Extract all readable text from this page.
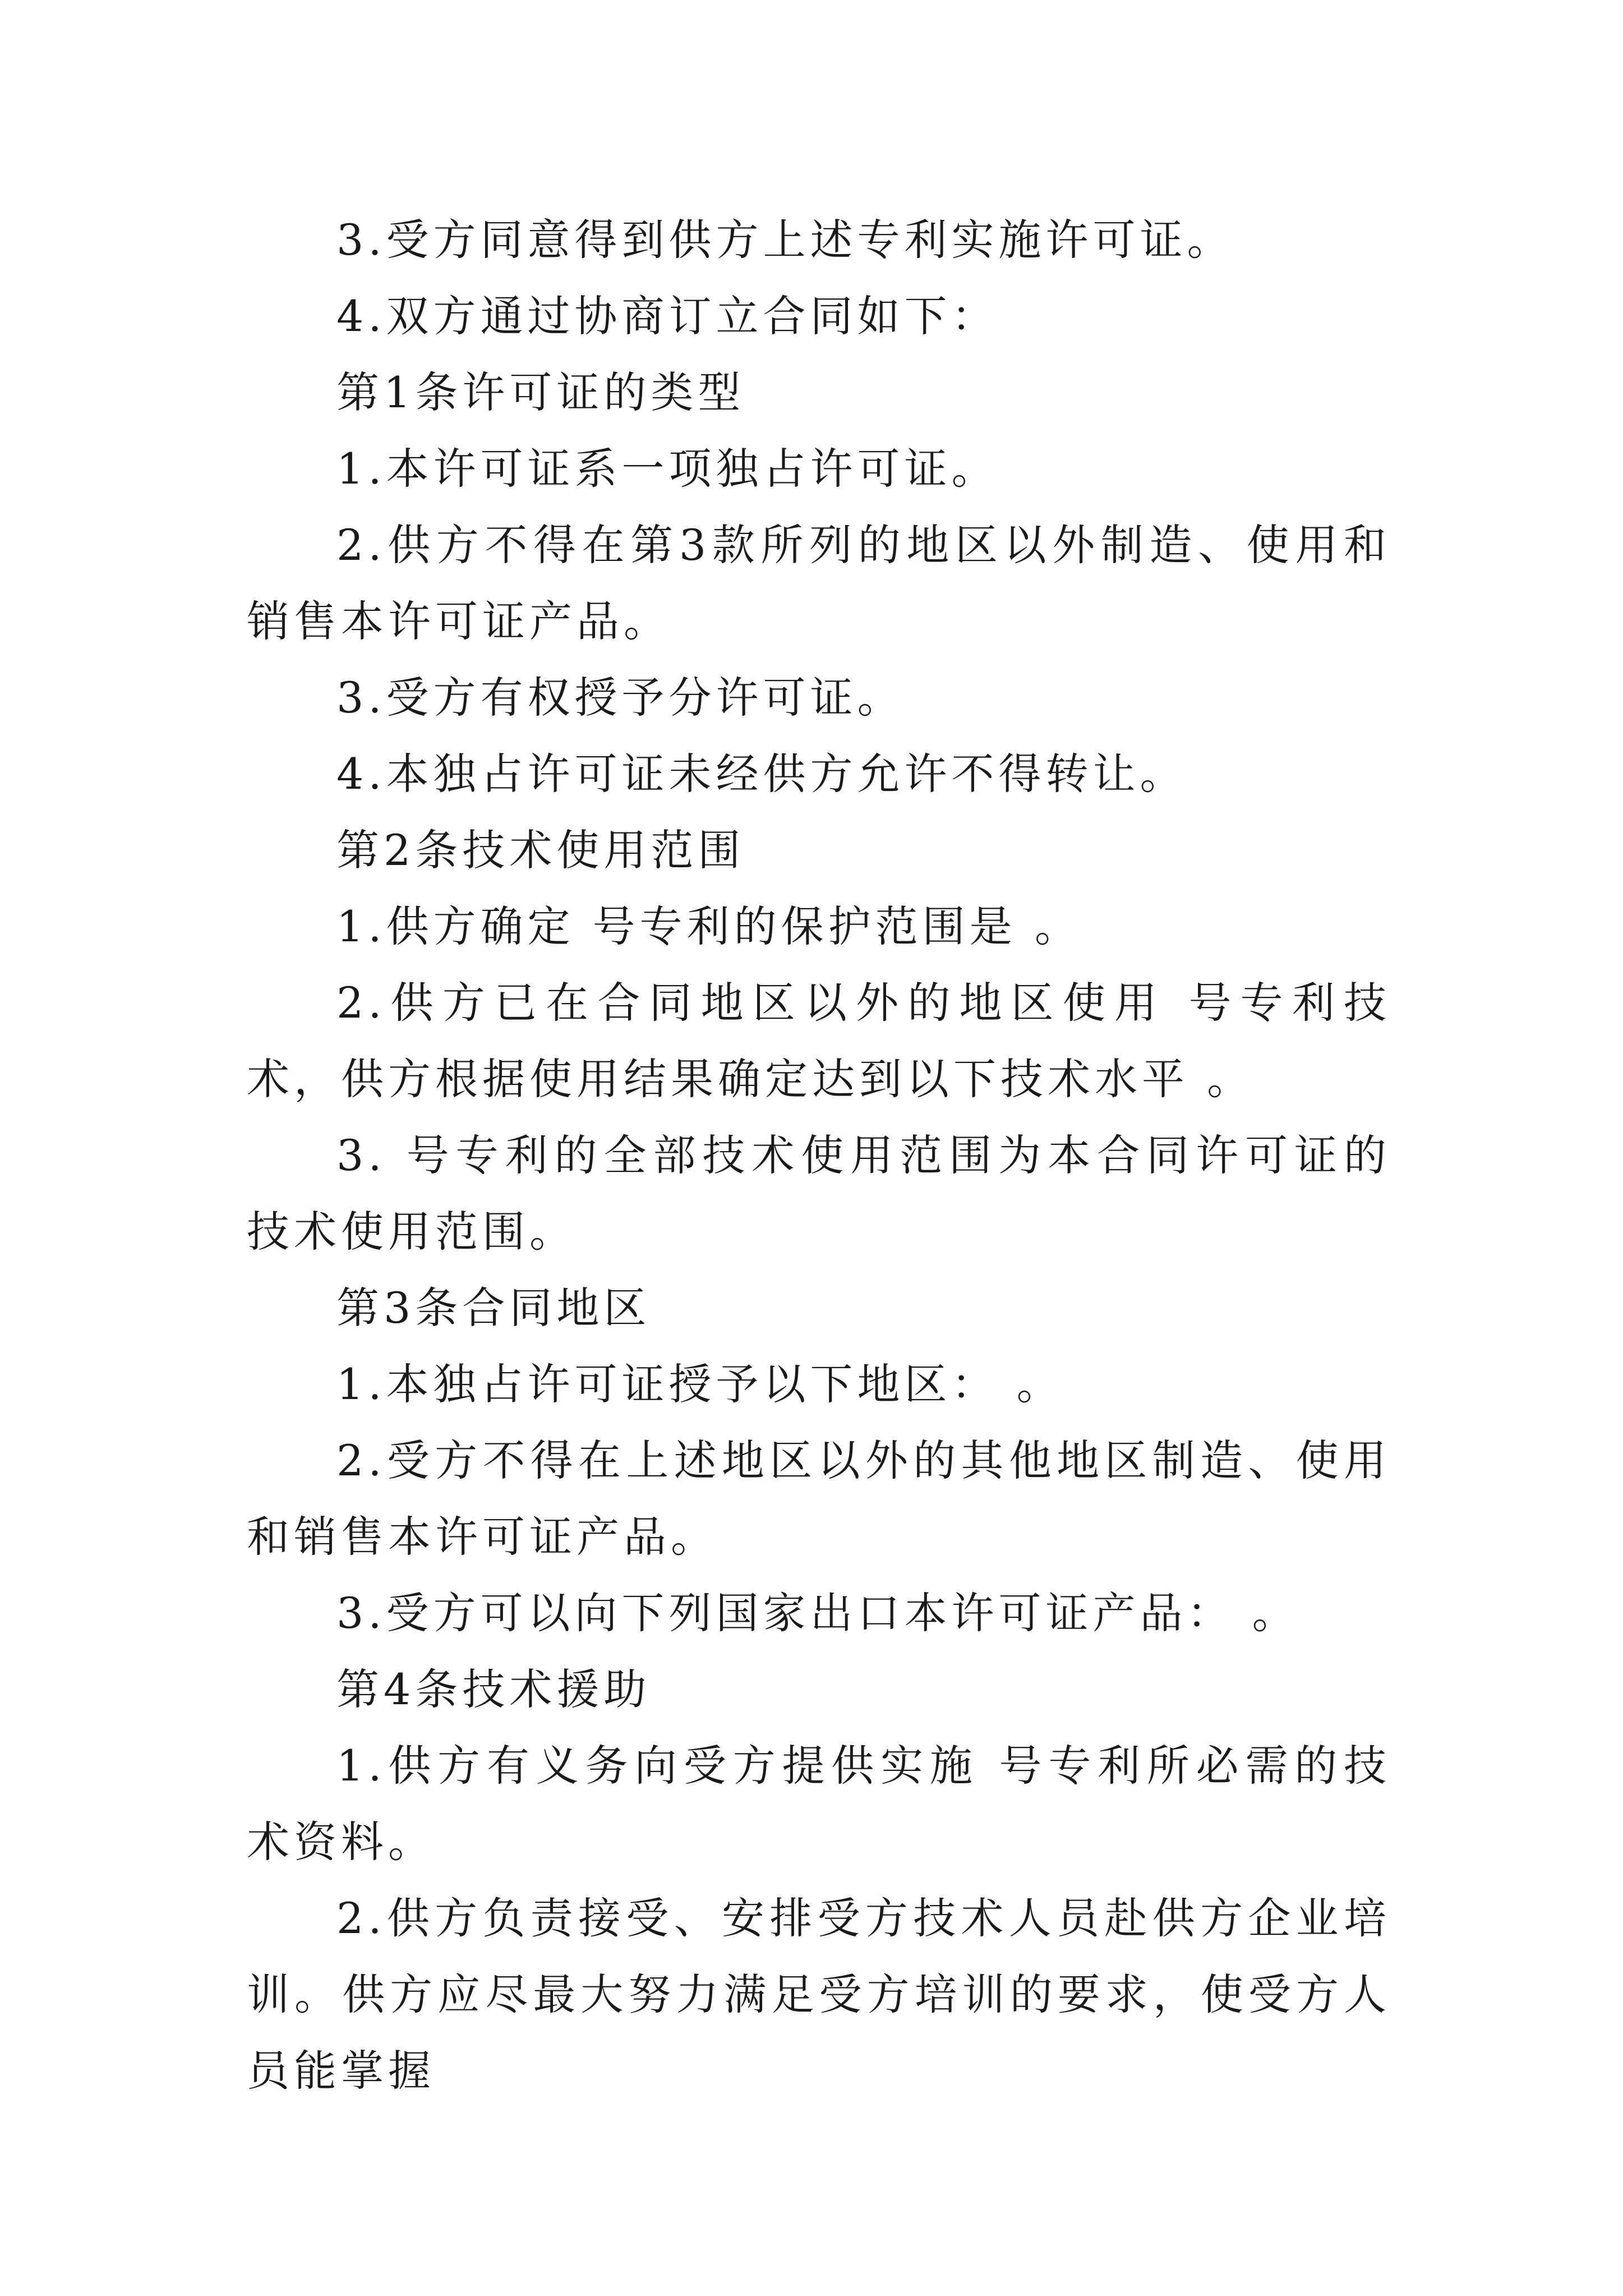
3.受方同意得到供方上述专利实施许可证。

4.双方通过协商订立合同如下：

第1条许可证的类型

1.本许可证系一项独占许可证。

2.供方不得在第3款所列的地区以外制造、使用和销售本许可证产品。

3.受方有权授予分许可证。

4.本独占许可证未经供方允许不得转让。

第2条技术使用范围

1.供方确定 号专利的保护范围是 。

2.供方已在合同地区以外的地区使用 号专利技术，供方根据使用结果确定达到以下技术水平 。

3. 号专利的全部技术使用范围为本合同许可证的技术使用范围。

第3条合同地区

1.本独占许可证授予以下地区： 。

2.受方不得在上述地区以外的其他地区制造、使用和销售本许可证产品。

3.受方可以向下列国家出口本许可证产品： 。

第4条技术援助

1.供方有义务向受方提供实施 号专利所必需的技术资料。

2.供方负责接受、安排受方技术人员赴供方企业培训。供方应尽最大努力满足受方培训的要求，使受方人员能掌握
